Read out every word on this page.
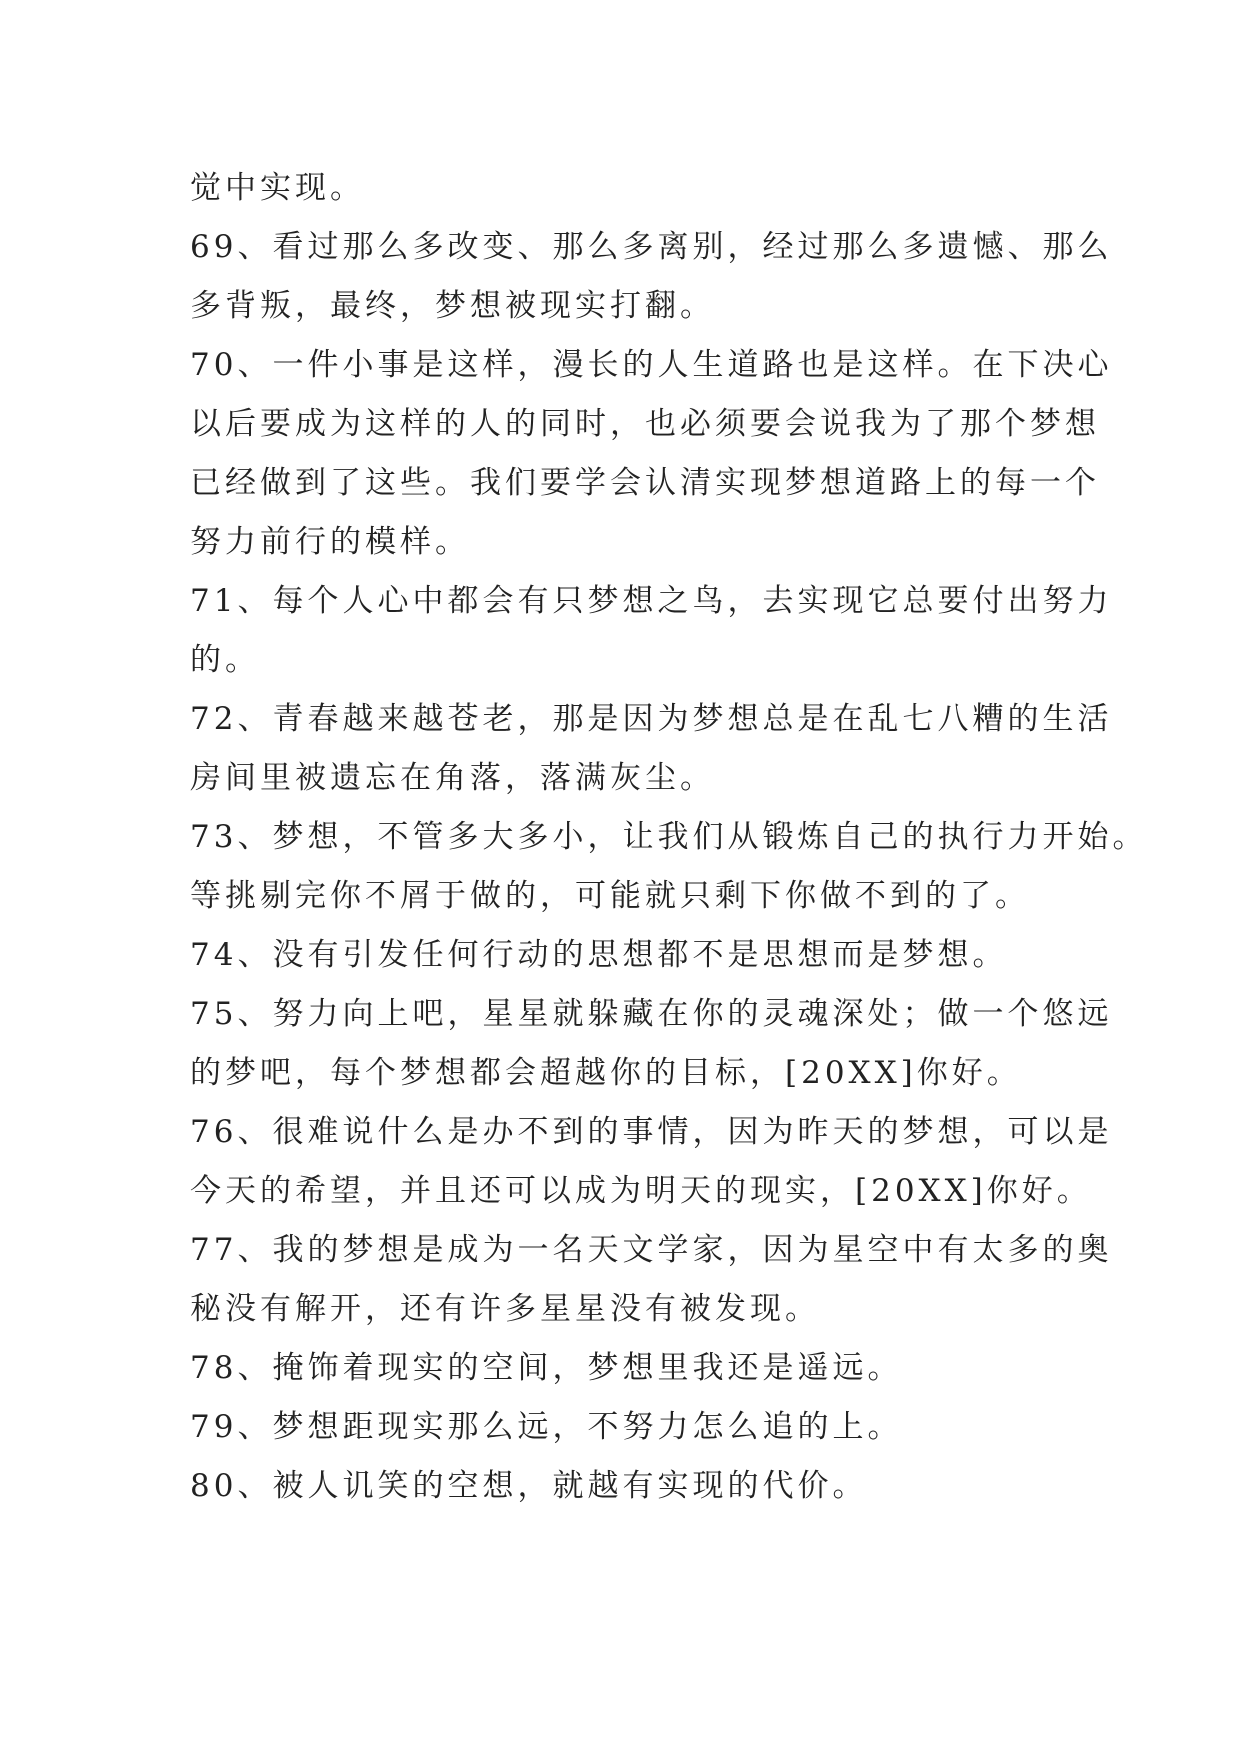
觉中实现。
69、看过那么多改变、那么多离别，经过那么多遗憾、那么
多背叛，最终，梦想被现实打翻。
70、一件小事是这样，漫长的人生道路也是这样。在下决心
以后要成为这样的人的同时，也必须要会说我为了那个梦想
已经做到了这些。我们要学会认清实现梦想道路上的每一个
努力前行的模样。
71、每个人心中都会有只梦想之鸟，去实现它总要付出努力
的。
72、青春越来越苍老，那是因为梦想总是在乱七八糟的生活
房间里被遗忘在角落，落满灰尘。
73、梦想，不管多大多小，让我们从锻炼自己的执行力开始。
等挑剔完你不屑于做的，可能就只剩下你做不到的了。
74、没有引发任何行动的思想都不是思想而是梦想。
75、努力向上吧，星星就躲藏在你的灵魂深处；做一个悠远
的梦吧，每个梦想都会超越你的目标，[20XX]你好。
76、很难说什么是办不到的事情，因为昨天的梦想，可以是
今天的希望，并且还可以成为明天的现实，[20XX]你好。
77、我的梦想是成为一名天文学家，因为星空中有太多的奥
秘没有解开，还有许多星星没有被发现。
78、掩饰着现实的空间，梦想里我还是遥远。
79、梦想距现实那么远，不努力怎么追的上。
80、被人讥笑的空想，就越有实现的代价。
